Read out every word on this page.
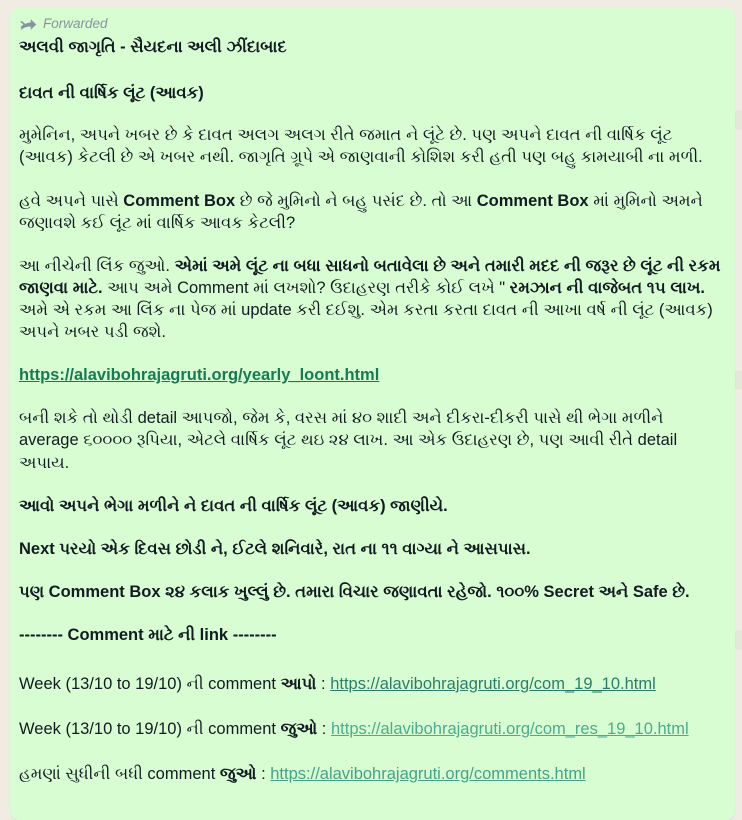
Forwarded
અલવી જાગૃતિ - સૈયદના અલી ઝીંદાબાદ
દાવત ની વાર્ષિક લૂંટ (આવક)

મુમેનિન, અપને ખબર છે કે દાવત અલગ અલગ રીતે જમાત ને લૂંટે છે. પણ અપને દાવત ની વાર્ષિક લૂંટ (આવક) કેટલી છે એ ખબર નથી. જાગૃતિ ગ્રૂપે એ જાણવાની કોશિશ કરી હતી પણ બહુ કામયાબી ના મળી.

હવે અપને પાસે Comment Box છે જે મુમિનો ને બહુ પસંદ છે. તો આ Comment Box માં મુમિનો અમને જણાવશે કઈ લૂંટ માં વાર્ષિક આવક કેટલી?

આ નીચેની લિંક જુઓ. એમાં અમે લૂંટ ના બધા સાધનો બતાવેલા છે અને તમારી મદદ ની જરૂર છે લૂંટ ની રકમ જાણવા માટે. આપ અમે Comment માં લખશો? ઉદાહરણ તરીકે કોઈ લખે " રમઝાન ની વાજેબત ૧૫ લાખ. અમે એ રકમ આ લિંક ના પેજ માં update કરી દઈશુ. એમ કરતા કરતા દાવત ની આખા વર્ષ ની લૂંટ (આવક) અપને ખબર પડી જશે.

https://alavibohrajagruti.org/yearly_loont.html

બની શકે તો થોડી detail આપજો, જેમ કે, વરસ માં ૪૦ શાદી અને દીકરા-દીકરી પાસે થી ભેગા મળીને average ૬૦૦૦૦ રૂપિયા, એટલે વાર્ષિક લૂંટ થઇ ૨૪ લાખ. આ એક ઉદાહરણ છે, પણ આવી રીતે detail અપાય.

આવો અપને ભેગા મળીને ને દાવત ની વાર્ષિક લૂંટ (આવક) જાણીયે.

Next પરયો એક દિવસ છોડી ને, ઈટલે શનિવારે, રાત ના ૧૧ વાગ્યા ને આસપાસ.

પણ Comment Box ૨૪ કલાક ખુલ્લું છે. તમારા વિચાર જણાવતા રહેજો. ૧૦૦% Secret અને Safe છે.

-------- Comment માટે ની link --------

Week (13/10 to 19/10) ની comment આપો : https://alavibohrajagruti.org/com_19_10.html

Week (13/10 to 19/10) ની comment જુઓ : https://alavibohrajagruti.org/com_res_19_10.html

હમણાં સુધીની બધી comment જુઓ : https://alavibohrajagruti.org/comments.html
